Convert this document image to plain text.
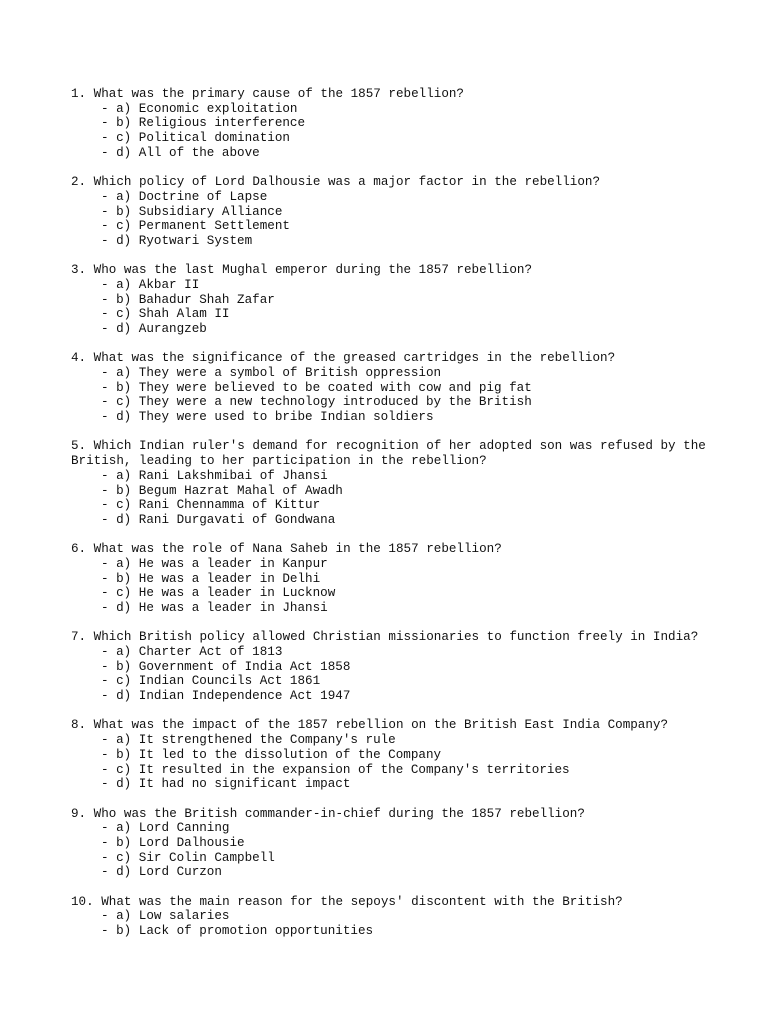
1. What was the primary cause of the 1857 rebellion?

- a) Economic exploitation
- b) Religious interference
- c) Political domination
- d) All of the above

2. Which policy of Lord Dalhousie was a major factor in the rebellion?

- a) Doctrine of Lapse
- b) Subsidiary Alliance
- c) Permanent Settlement
- d) Ryotwari System

3. Who was the last Mughal emperor during the 1857 rebellion?

- a) Akbar II
- b) Bahadur Shah Zafar
- c) Shah Alam II
- d) Aurangzeb

4. What was the significance of the greased cartridges in the rebellion?

- a) They were a symbol of British oppression
- b) They were believed to be coated with cow and pig fat
- c) They were a new technology introduced by the British
- d) They were used to bribe Indian soldiers

5. Which Indian ruler's demand for recognition of her adopted son was refused by the British, leading to her participation in the rebellion?

- a) Rani Lakshmibai of Jhansi
- b) Begum Hazrat Mahal of Awadh
- c) Rani Chennamma of Kittur
- d) Rani Durgavati of Gondwana

6. What was the role of Nana Saheb in the 1857 rebellion?

- a) He was a leader in Kanpur
- b) He was a leader in Delhi
- c) He was a leader in Lucknow
- d) He was a leader in Jhansi

7. Which British policy allowed Christian missionaries to function freely in India?

- a) Charter Act of 1813
- b) Government of India Act 1858
- c) Indian Councils Act 1861
- d) Indian Independence Act 1947

8. What was the impact of the 1857 rebellion on the British East India Company?

- a) It strengthened the Company's rule
- b) It led to the dissolution of the Company
- c) It resulted in the expansion of the Company's territories
- d) It had no significant impact

9. Who was the British commander-in-chief during the 1857 rebellion?

- a) Lord Canning
- b) Lord Dalhousie
- c) Sir Colin Campbell
- d) Lord Curzon

10. What was the main reason for the sepoys' discontent with the British?

- a) Low salaries
- b) Lack of promotion opportunities
